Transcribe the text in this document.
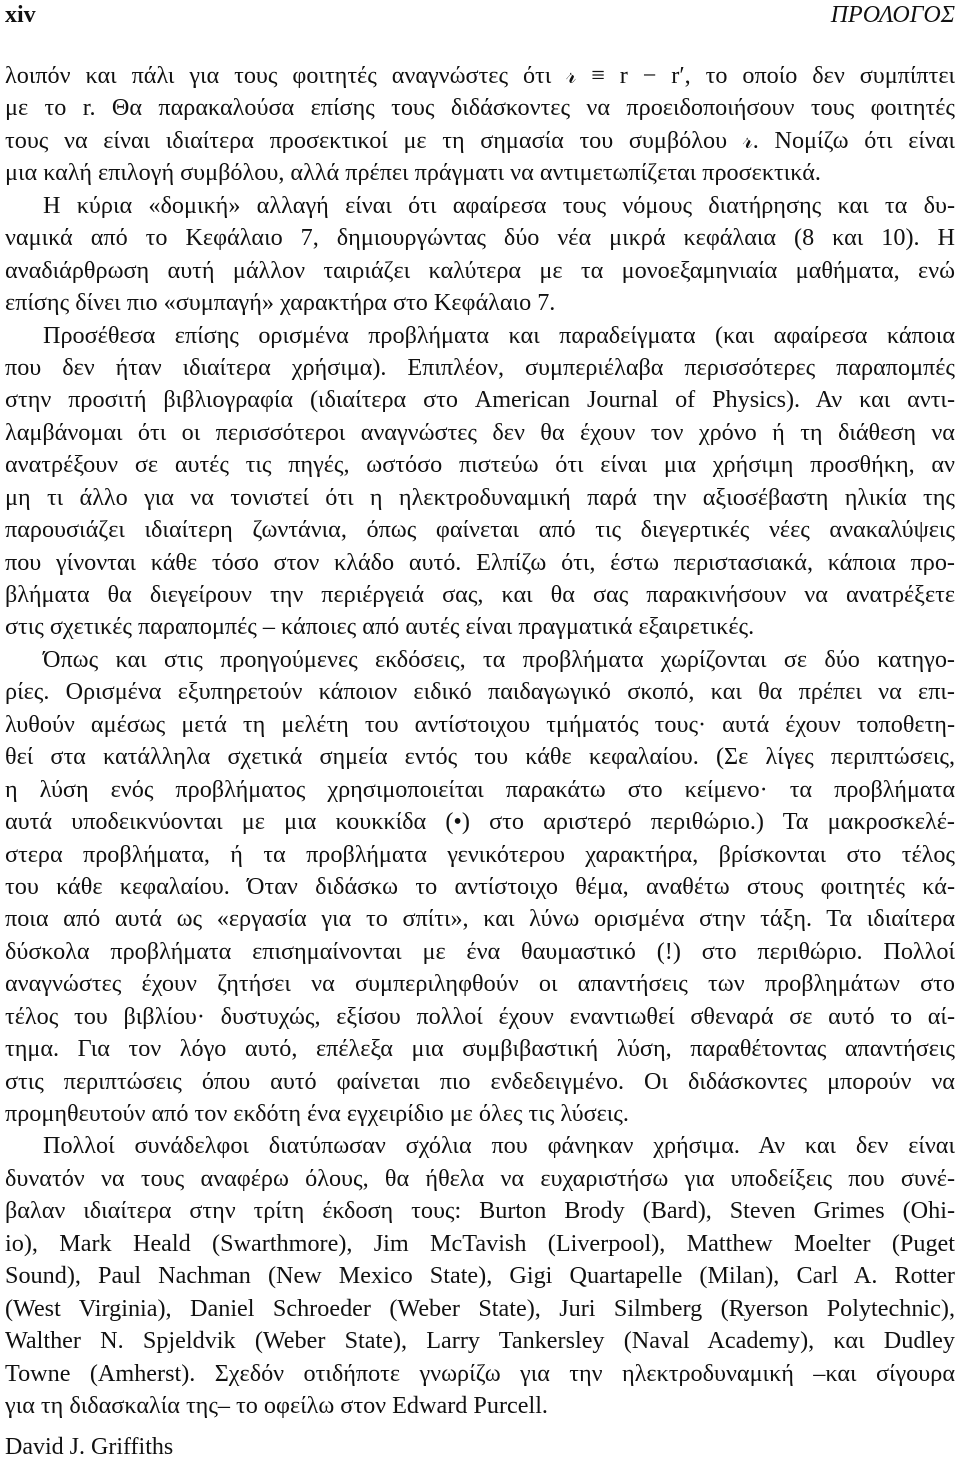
xiv	ΠΡΟΛΟΓΟΣ
λοιπόν και πάλι για τους φοιτητές αναγνώστες ότι 𝓇 ≡ r − r′, το οποίο δεν συμπίπτει
με το r. Θα παρακαλούσα επίσης τους διδάσκοντες να προειδοποιήσουν τους φοιτητές
τους να είναι ιδιαίτερα προσεκτικοί με τη σημασία του συμβόλου 𝓇. Νομίζω ότι είναι
μια καλή επιλογή συμβόλου, αλλά πρέπει πράγματι να αντιμετωπίζεται προσεκτικά.
Η κύρια «δομική» αλλαγή είναι ότι αφαίρεσα τους νόμους διατήρησης και τα δυ-
ναμικά από το Κεφάλαιο 7, δημιουργώντας δύο νέα μικρά κεφάλαια (8 και 10). Η
αναδιάρθρωση αυτή μάλλον ταιριάζει καλύτερα με τα μονοεξαμηνιαία μαθήματα, ενώ
επίσης δίνει πιο «συμπαγή» χαρακτήρα στο Κεφάλαιο 7.
Προσέθεσα επίσης ορισμένα προβλήματα και παραδείγματα (και αφαίρεσα κάποια
που δεν ήταν ιδιαίτερα χρήσιμα). Επιπλέον, συμπεριέλαβα περισσότερες παραπομπές
στην προσιτή βιβλιογραφία (ιδιαίτερα στο American Journal of Physics). Αν και αντι-
λαμβάνομαι ότι οι περισσότεροι αναγνώστες δεν θα έχουν τον χρόνο ή τη διάθεση να
ανατρέξουν σε αυτές τις πηγές, ωστόσο πιστεύω ότι είναι μια χρήσιμη προσθήκη, αν
μη τι άλλο για να τονιστεί ότι η ηλεκτροδυναμική παρά την αξιοσέβαστη ηλικία της
παρουσιάζει ιδιαίτερη ζωντάνια, όπως φαίνεται από τις διεγερτικές νέες ανακαλύψεις
που γίνονται κάθε τόσο στον κλάδο αυτό. Ελπίζω ότι, έστω περιστασιακά, κάποια προ-
βλήματα θα διεγείρουν την περιέργειά σας, και θα σας παρακινήσουν να ανατρέξετε
στις σχετικές παραπομπές – κάποιες από αυτές είναι πραγματικά εξαιρετικές.
Όπως και στις προηγούμενες εκδόσεις, τα προβλήματα χωρίζονται σε δύο κατηγο-
ρίες. Ορισμένα εξυπηρετούν κάποιον ειδικό παιδαγωγικό σκοπό, και θα πρέπει να επι-
λυθούν αμέσως μετά τη μελέτη του αντίστοιχου τμήματός τους· αυτά έχουν τοποθετη-
θεί στα κατάλληλα σχετικά σημεία εντός του κάθε κεφαλαίου. (Σε λίγες περιπτώσεις,
η λύση ενός προβλήματος χρησιμοποιείται παρακάτω στο κείμενο· τα προβλήματα
αυτά υποδεικνύονται με μια κουκκίδα (•) στο αριστερό περιθώριο.) Τα μακροσκελέ-
στερα προβλήματα, ή τα προβλήματα γενικότερου χαρακτήρα, βρίσκονται στο τέλος
του κάθε κεφαλαίου. Όταν διδάσκω το αντίστοιχο θέμα, αναθέτω στους φοιτητές κά-
ποια από αυτά ως «εργασία για το σπίτι», και λύνω ορισμένα στην τάξη. Τα ιδιαίτερα
δύσκολα προβλήματα επισημαίνονται με ένα θαυμαστικό (!) στο περιθώριο. Πολλοί
αναγνώστες έχουν ζητήσει να συμπεριληφθούν οι απαντήσεις των προβλημάτων στο
τέλος του βιβλίου· δυστυχώς, εξίσου πολλοί έχουν εναντιωθεί σθεναρά σε αυτό το αί-
τημα. Για τον λόγο αυτό, επέλεξα μια συμβιβαστική λύση, παραθέτοντας απαντήσεις
στις περιπτώσεις όπου αυτό φαίνεται πιο ενδεδειγμένο. Οι διδάσκοντες μπορούν να
προμηθευτούν από τον εκδότη ένα εγχειρίδιο με όλες τις λύσεις.
Πολλοί συνάδελφοι διατύπωσαν σχόλια που φάνηκαν χρήσιμα. Αν και δεν είναι
δυνατόν να τους αναφέρω όλους, θα ήθελα να ευχαριστήσω για υποδείξεις που συνέ-
βαλαν ιδιαίτερα στην τρίτη έκδοση τους: Burton Brody (Bard), Steven Grimes (Ohi-
io), Mark Heald (Swarthmore), Jim McTavish (Liverpool), Matthew Moelter (Puget
Sound), Paul Nachman (New Mexico State), Gigi Quartapelle (Milan), Carl A. Rotter
(West Virginia), Daniel Schroeder (Weber State), Juri Silmberg (Ryerson Polytechnic),
Walther N. Spjeldvik (Weber State), Larry Tankersley (Naval Academy), και Dudley
Towne (Amherst). Σχεδόν οτιδήποτε γνωρίζω για την ηλεκτροδυναμική –και σίγουρα
για τη διδασκαλία της– το οφείλω στον Edward Purcell.
David J. Griffiths
